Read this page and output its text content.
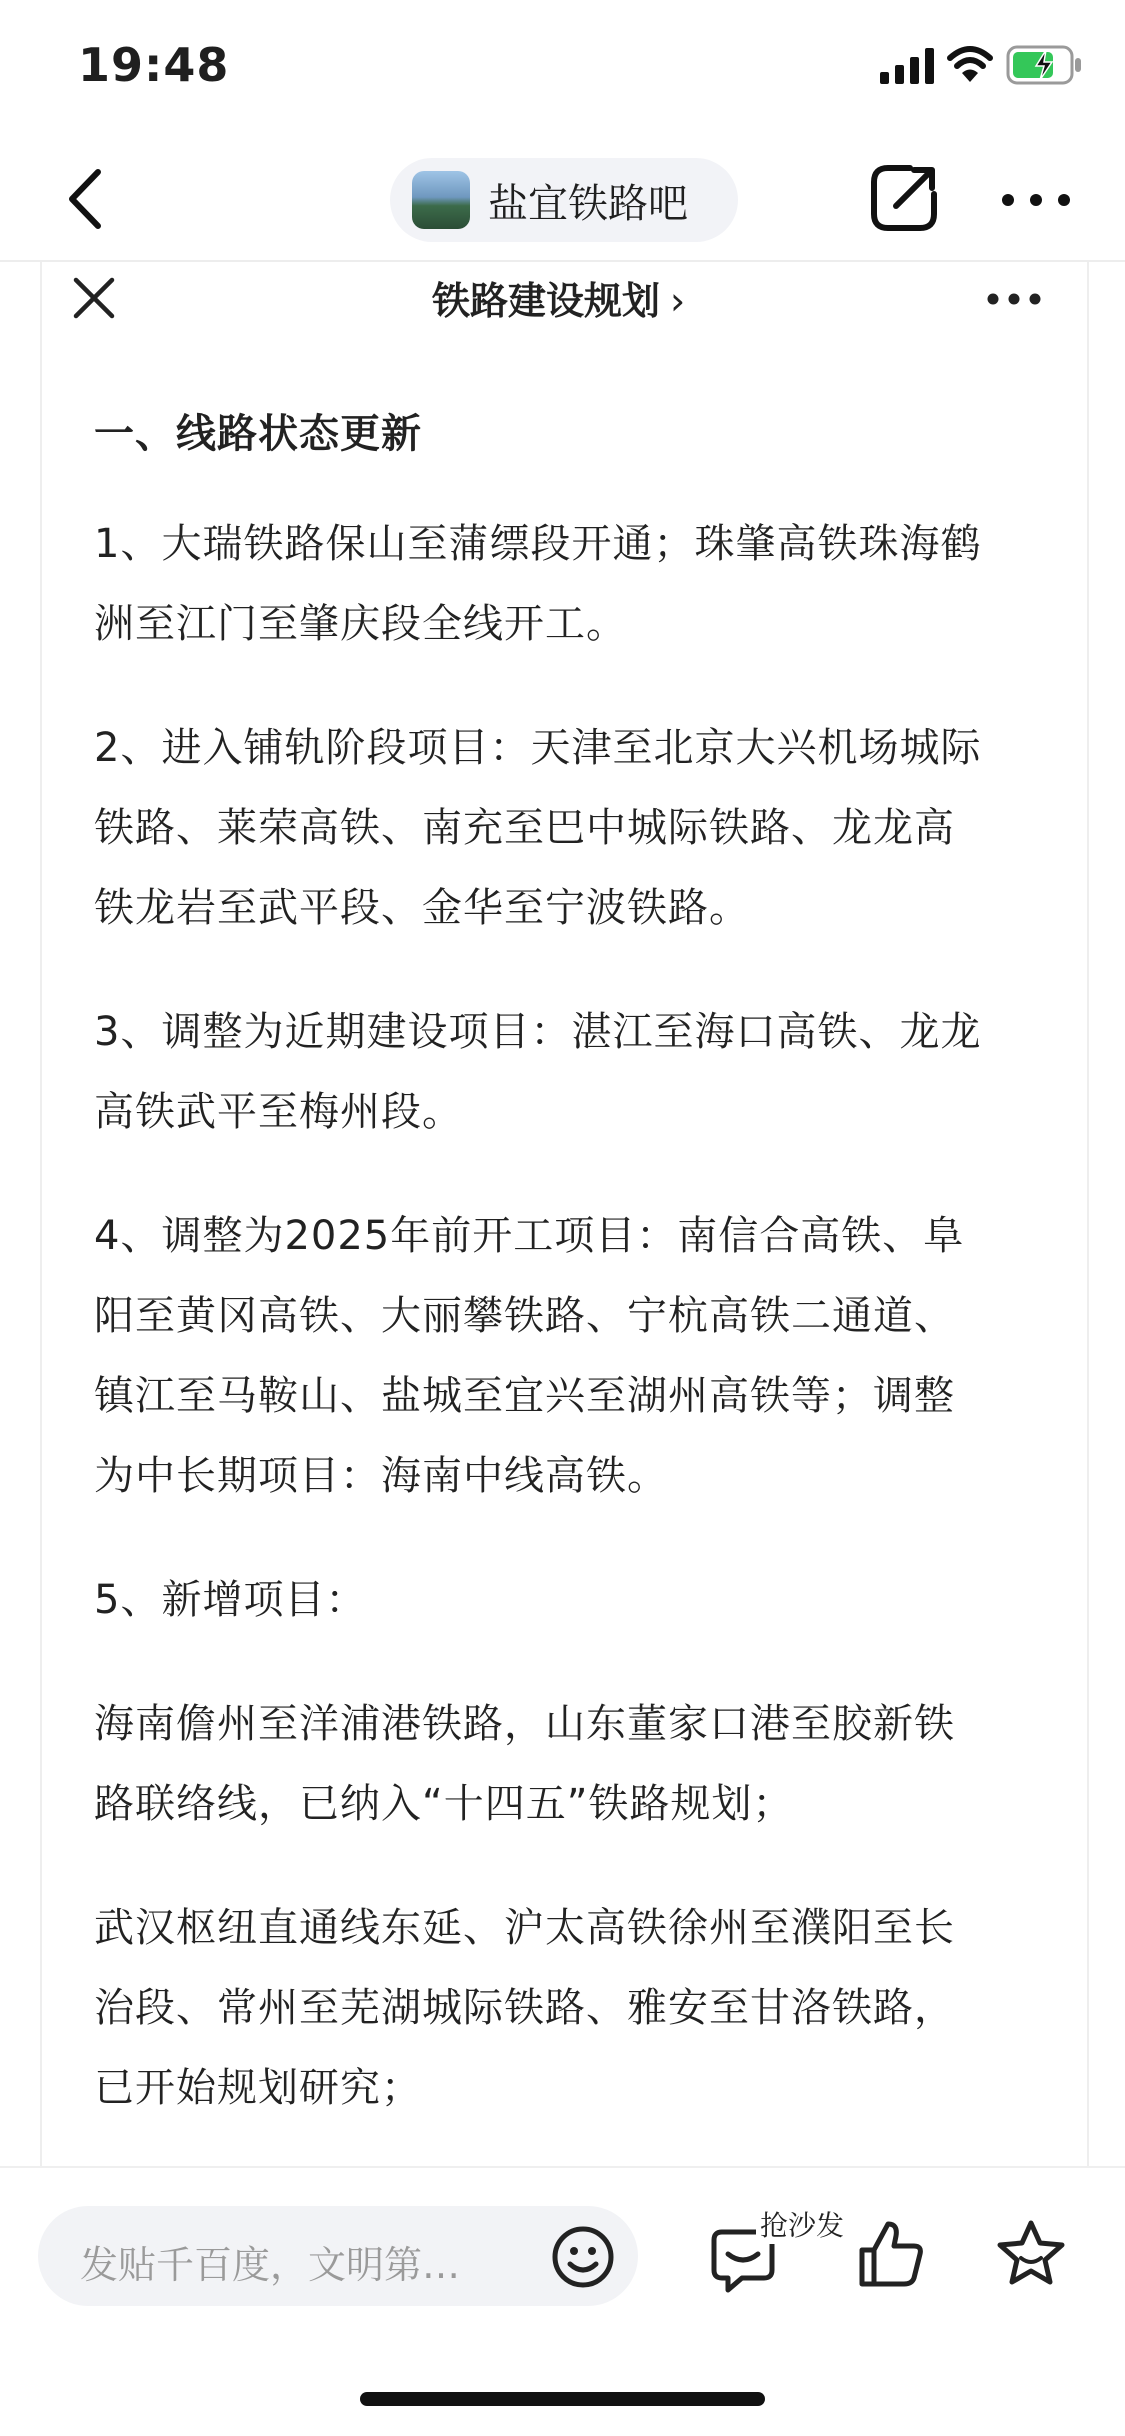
19:48
盐宜铁路吧
铁路建设规划 ›

一、线路状态更新

1、大瑞铁路保山至蒲缥段开通；珠肇高铁珠海鹤

洲至江门至肇庆段全线开工。

2、进入铺轨阶段项目：天津至北京大兴机场城际

铁路、莱荣高铁、南充至巴中城际铁路、龙龙高

铁龙岩至武平段、金华至宁波铁路。

3、调整为近期建设项目：湛江至海口高铁、龙龙

高铁武平至梅州段。

4、调整为2025年前开工项目：南信合高铁、阜

阳至黄冈高铁、大丽攀铁路、宁杭高铁二通道、

镇江至马鞍山、盐城至宜兴至湖州高铁等；调整

为中长期项目：海南中线高铁。

5、新增项目：

海南儋州至洋浦港铁路，山东董家口港至胶新铁

路联络线，已纳入“十四五”铁路规划；

武汉枢纽直通线东延、沪太高铁徐州至濮阳至长

治段、常州至芜湖城际铁路、雅安至甘洛铁路，

已开始规划研究；

发贴千百度，文明第…
抢沙发
